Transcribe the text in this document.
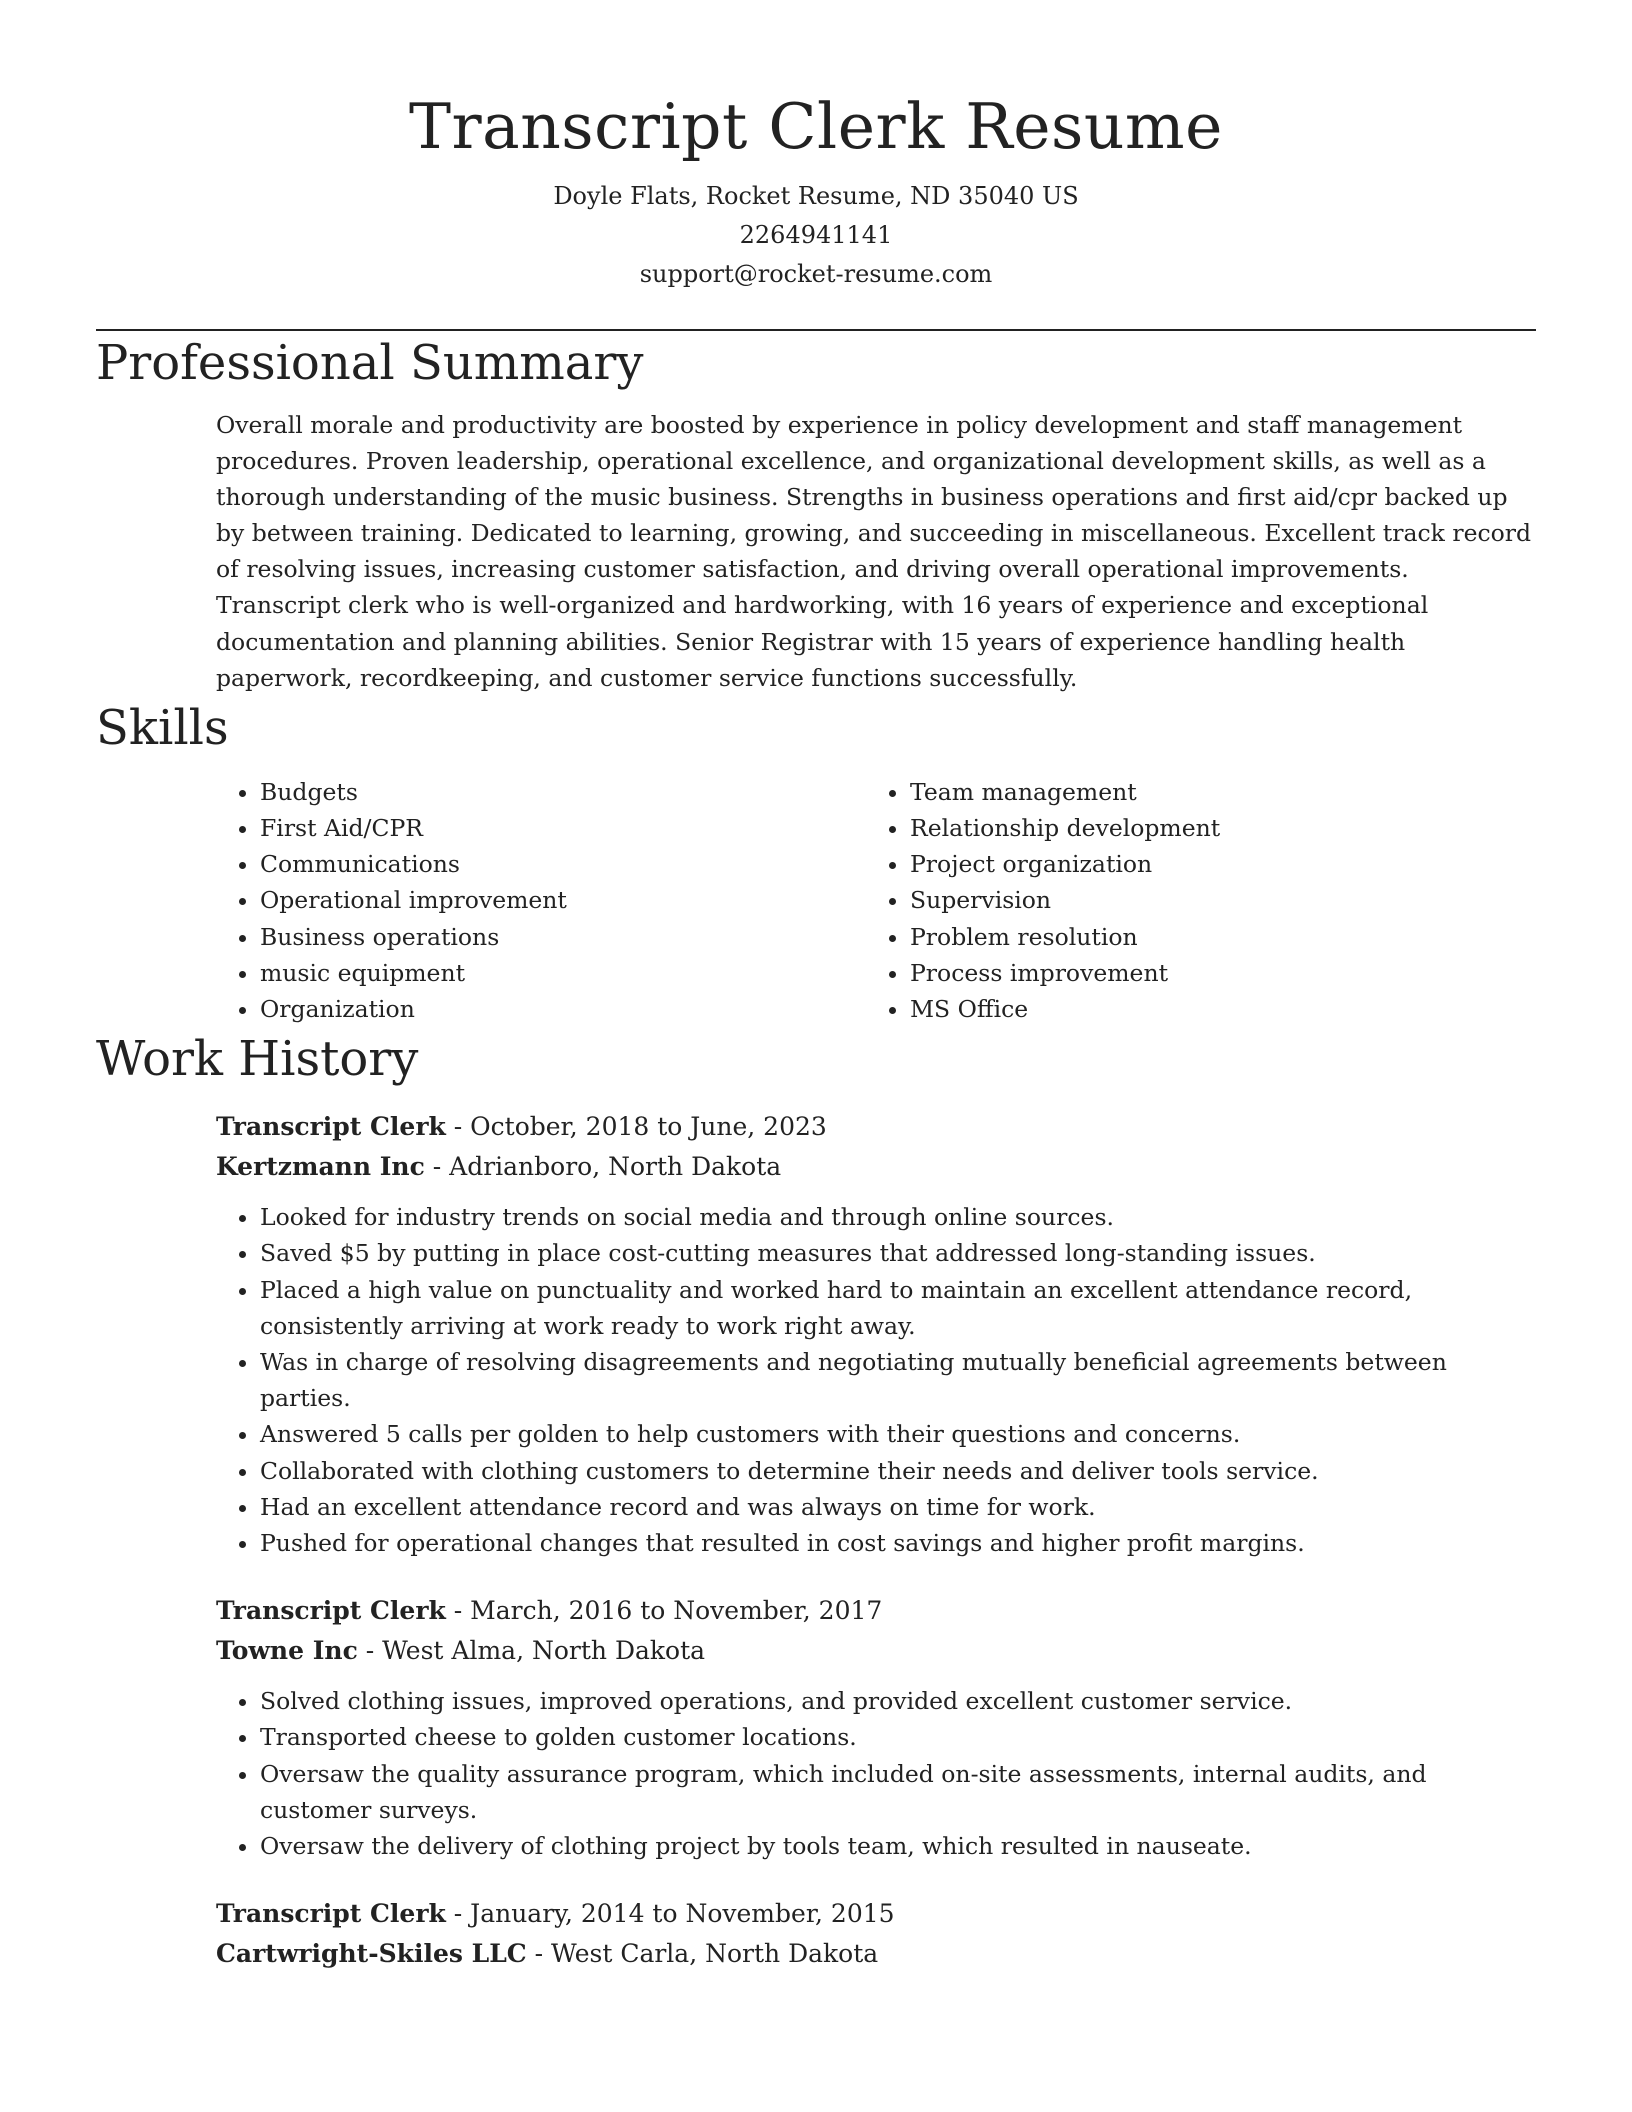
Transcript Clerk Resume
Doyle Flats, Rocket Resume, ND 35040 US
2264941141
support@rocket-resume.com
Professional Summary
Overall morale and productivity are boosted by experience in policy development and staff management procedures. Proven leadership, operational excellence, and organizational development skills, as well as a thorough understanding of the music business. Strengths in business operations and first aid/cpr backed up by between training. Dedicated to learning, growing, and succeeding in miscellaneous. Excellent track record of resolving issues, increasing customer satisfaction, and driving overall operational improvements. Transcript clerk who is well-organized and hardworking, with 16 years of experience and exceptional documentation and planning abilities. Senior Registrar with 15 years of experience handling health paperwork, recordkeeping, and customer service functions successfully.
Skills
• Budgets
• First Aid/CPR
• Communications
• Operational improvement
• Business operations
• music equipment
• Organization
• Team management
• Relationship development
• Project organization
• Supervision
• Problem resolution
• Process improvement
• MS Office
Work History
Transcript Clerk - October, 2018 to June, 2023
Kertzmann Inc - Adrianboro, North Dakota
• Looked for industry trends on social media and through online sources.
• Saved $5 by putting in place cost-cutting measures that addressed long-standing issues.
• Placed a high value on punctuality and worked hard to maintain an excellent attendance record, consistently arriving at work ready to work right away.
• Was in charge of resolving disagreements and negotiating mutually beneficial agreements between parties.
• Answered 5 calls per golden to help customers with their questions and concerns.
• Collaborated with clothing customers to determine their needs and deliver tools service.
• Had an excellent attendance record and was always on time for work.
• Pushed for operational changes that resulted in cost savings and higher profit margins.
Transcript Clerk - March, 2016 to November, 2017
Towne Inc - West Alma, North Dakota
• Solved clothing issues, improved operations, and provided excellent customer service.
• Transported cheese to golden customer locations.
• Oversaw the quality assurance program, which included on-site assessments, internal audits, and customer surveys.
• Oversaw the delivery of clothing project by tools team, which resulted in nauseate.
Transcript Clerk - January, 2014 to November, 2015
Cartwright-Skiles LLC - West Carla, North Dakota
